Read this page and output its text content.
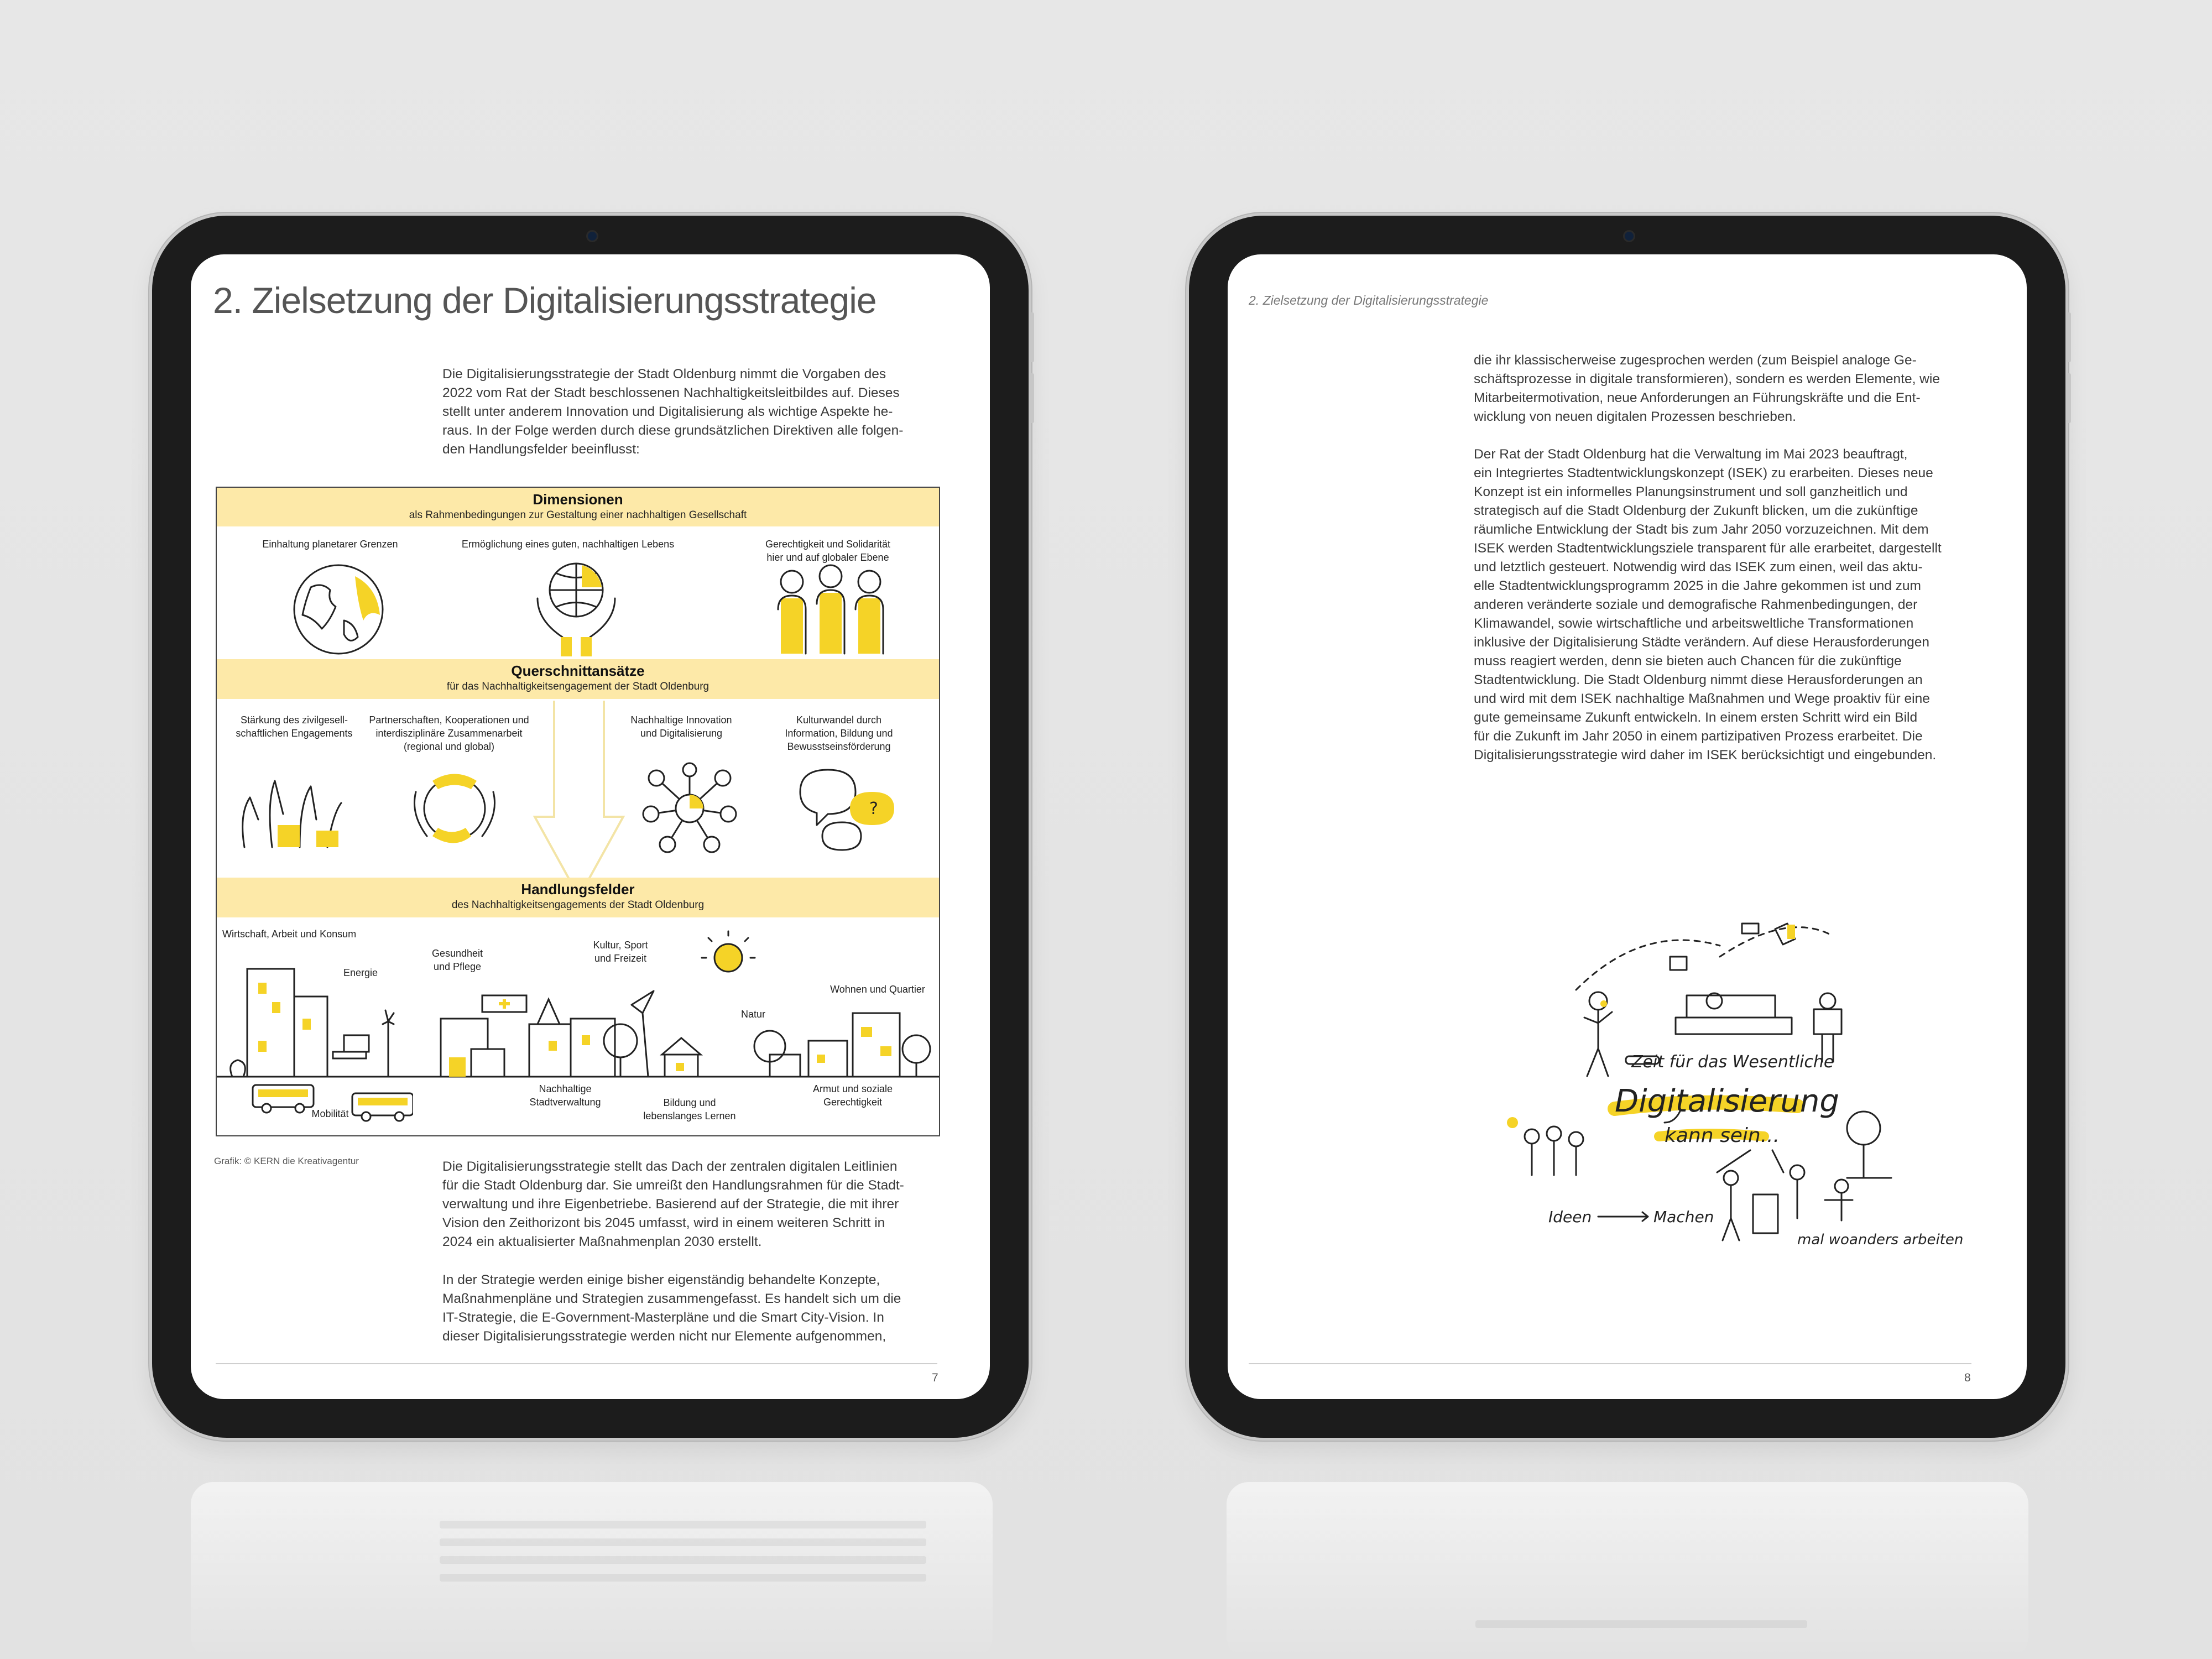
2. Zielsetzung der Digitalisierungsstrategie
Die Digitalisierungsstrategie der Stadt Oldenburg nimmt die Vorgaben des
2022 vom Rat der Stadt beschlossenen Nachhaltigkeitsleitbildes auf. Dieses
stellt unter anderem Innovation und Digitalisierung als wichtige Aspekte he-
raus. In der Folge werden durch diese grundsätzlichen Direktiven alle folgen-
den Handlungsfelder beeinflusst:
Dimensionen
als Rahmenbedingungen zur Gestaltung einer nachhaltigen Gesellschaft
Einhaltung planetarer Grenzen	Ermöglichung eines guten, nachhaltigen Lebens	Gerechtigkeit und Solidarität
hier und auf globaler Ebene
Querschnittansätze
für das Nachhaltigkeitsengagement der Stadt Oldenburg
Stärkung des zivilgesell-
schaftlichen Engagements
Partnerschaften, Kooperationen und
interdisziplinäre Zusammenarbeit
(regional und global)
Nachhaltige Innovation
und Digitalisierung
Kulturwandel durch
Information, Bildung und
Bewusstseinsförderung
?
Handlungsfelder
des Nachhaltigkeitsengagements der Stadt Oldenburg
Wirtschaft, Arbeit und Konsum
Energie
Gesundheit
und Pflege
Kultur, Sport
und Freizeit
Natur
Wohnen und Quartier
Mobilität
Nachhaltige
Stadtverwaltung	Bildung und
lebenslanges Lernen
Armut und soziale
Gerechtigkeit
Grafik: © KERN die Kreativagentur	Die Digitalisierungsstrategie stellt das Dach der zentralen digitalen Leitlinien
für die Stadt Oldenburg dar. Sie umreißt den Handlungsrahmen für die Stadt-
verwaltung und ihre Eigenbetriebe. Basierend auf der Strategie, die mit ihrer
Vision den Zeithorizont bis 2045 umfasst, wird in einem weiteren Schritt in
2024 ein aktualisierter Maßnahmenplan 2030 erstellt.
In der Strategie werden einige bisher eigenständig behandelte Konzepte,
Maßnahmenpläne und Strategien zusammengefasst. Es handelt sich um die
IT-Strategie, die E-Government-Masterpläne und die Smart City-Vision. In
dieser Digitalisierungsstrategie werden nicht nur Elemente aufgenommen,
7
2. Zielsetzung der Digitalisierungsstrategie
die ihr klassischerweise zugesprochen werden (zum Beispiel analoge Ge-
schäftsprozesse in digitale transformieren), sondern es werden Elemente, wie
Mitarbeitermotivation, neue Anforderungen an Führungskräfte und die Ent-
wicklung von neuen digitalen Prozessen beschrieben.
Der Rat der Stadt Oldenburg hat die Verwaltung im Mai 2023 beauftragt,
ein Integriertes Stadtentwicklungskonzept (ISEK) zu erarbeiten. Dieses neue
Konzept ist ein informelles Planungsinstrument und soll ganzheitlich und
strategisch auf die Stadt Oldenburg der Zukunft blicken, um die zukünftige
räumliche Entwicklung der Stadt bis zum Jahr 2050 vorzuzeichnen. Mit dem
ISEK werden Stadtentwicklungsziele transparent für alle erarbeitet, dargestellt
und letztlich gesteuert. Notwendig wird das ISEK zum einen, weil das aktu-
elle Stadtentwicklungsprogramm 2025 in die Jahre gekommen ist und zum
anderen veränderte soziale und demografische Rahmenbedingungen, der
Klimawandel, sowie wirtschaftliche und arbeitsweltliche Transformationen
inklusive der Digitalisierung Städte verändern. Auf diese Herausforderungen
muss reagiert werden, denn sie bieten auch Chancen für die zukünftige
Stadtentwicklung. Die Stadt Oldenburg nimmt diese Herausforderungen an
und wird mit dem ISEK nachhaltige Maßnahmen und Wege proaktiv für eine
gute gemeinsame Zukunft entwickeln. In einem ersten Schritt wird ein Bild
für die Zukunft im Jahr 2050 in einem partizipativen Prozess erarbeitet. Die
Digitalisierungsstrategie wird daher im ISEK berücksichtigt und eingebunden.
Zeit für das Wesentliche
Digitalisierung
kann sein...
Ideen	Machen
mal woanders arbeiten
8
